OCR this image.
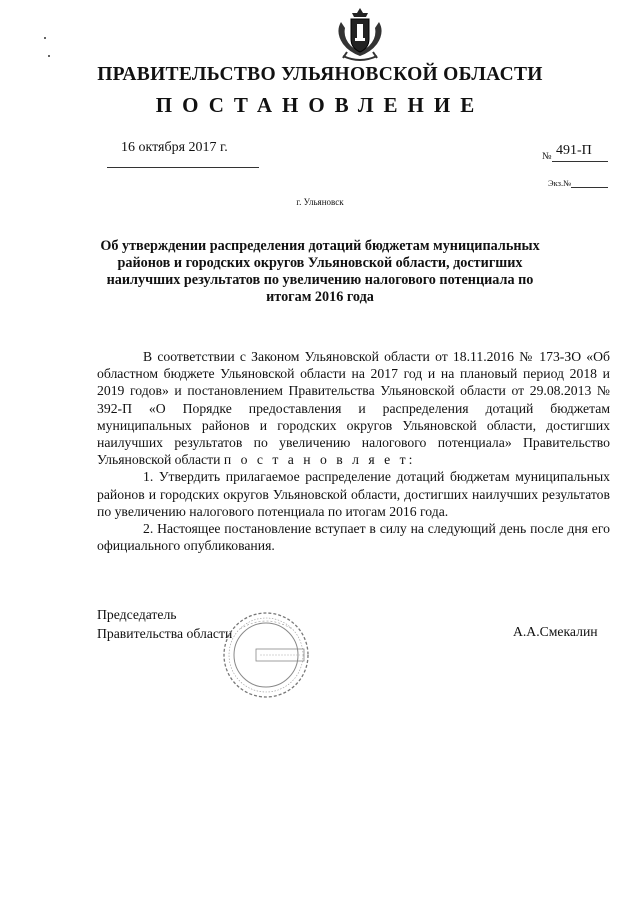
ПРАВИТЕЛЬСТВО УЛЬЯНОВСКОЙ ОБЛАСТИ
ПОСТАНОВЛЕНИЕ
16 октября 2017 г.
№ 491-П
Экз.№
г. Ульяновск
Об утверждении распределения дотаций бюджетам муниципальных районов и городских округов Ульяновской области, достигших наилучших результатов по увеличению налогового потенциала по итогам 2016 года

В соответствии с Законом Ульяновской области от 18.11.2016 № 173-ЗО «Об областном бюджете Ульяновской области на 2017 год и на плановый период 2018 и 2019 годов» и постановлением Правительства Ульяновской области от 29.08.2013 № 392-П «О Порядке предоставления и распределения дотаций бюджетам муниципальных районов и городских округов Ульяновской области, достигших наилучших результатов по увеличению налогового потенциала» Правительство Ульяновской области п о с т а н о в л я е т:

1. Утвердить прилагаемое распределение дотаций бюджетам муниципальных районов и городских округов Ульяновской области, достигших наилучших результатов по увеличению налогового потенциала по итогам 2016 года.

2. Настоящее постановление вступает в силу на следующий день после дня его официального опубликования.

Председатель
Правительства области	А.А.Смекалин
